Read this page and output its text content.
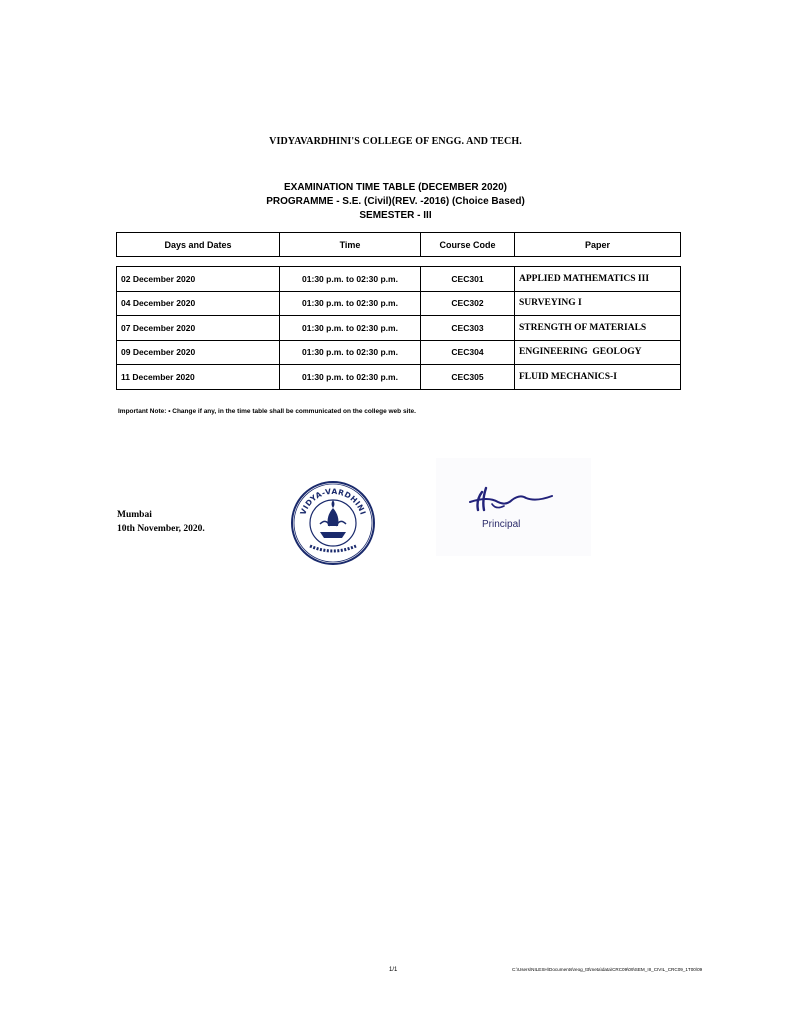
VIDYAVARDHINI'S COLLEGE OF ENGG. AND TECH.
EXAMINATION TIME TABLE (DECEMBER 2020)
PROGRAMME - S.E. (Civil)(REV. -2016) (Choice Based)
SEMESTER - III
Days and Dates	Time	Course Code	Paper
02 December 2020	01:30 p.m. to 02:30 p.m.	CEC301	APPLIED MATHEMATICS III
04 December 2020	01:30 p.m. to 02:30 p.m.	CEC302	SURVEYING I
07 December 2020	01:30 p.m. to 02:30 p.m.	CEC303	STRENGTH OF MATERIALS
09 December 2020	01:30 p.m. to 02:30 p.m.	CEC304	ENGINEERING  GEOLOGY
11 December 2020	01:30 p.m. to 02:30 p.m.	CEC305	FLUID MECHANICS-I
Important Note: • Change if any, in the time table shall be communicated on the college web site.
Mumbai
10th November, 2020.
VIDYA-VARDHINI
Principal
1/1	C:\Users\NILESH\Documents\reog_ttt\meta\data\CRC09\09\SEM_III_CIVIL_CRC09_1T00\09
